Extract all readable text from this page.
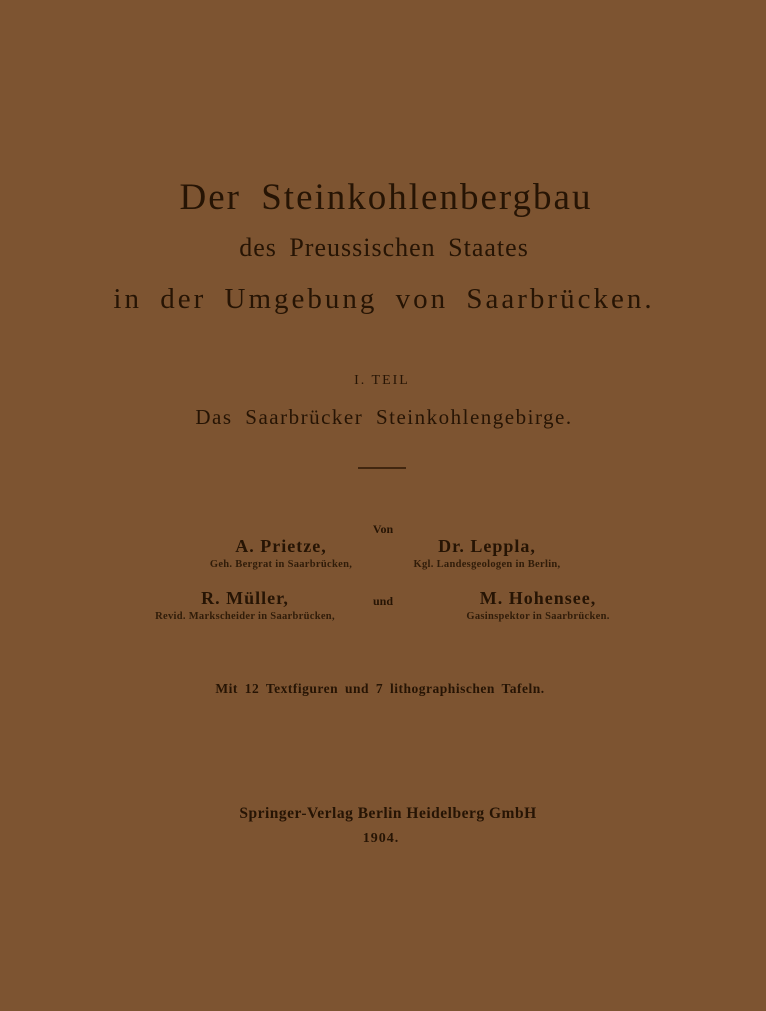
Der Steinkohlenbergbau
des Preussischen Staates
in der Umgebung von Saarbrücken.
I. TEIL
Das Saarbrücker Steinkohlengebirge.
Von
A. Prietze,
Geh. Bergrat in Saarbrücken,
Dr. Leppla,
Kgl. Landesgeologen in Berlin,
R. Müller,
Revid. Markscheider in Saarbrücken,
und	M. Hohensee,
Gasinspektor in Saarbrücken.
Mit 12 Textfiguren und 7 lithographischen Tafeln.
Springer-Verlag Berlin Heidelberg GmbH
1904.
